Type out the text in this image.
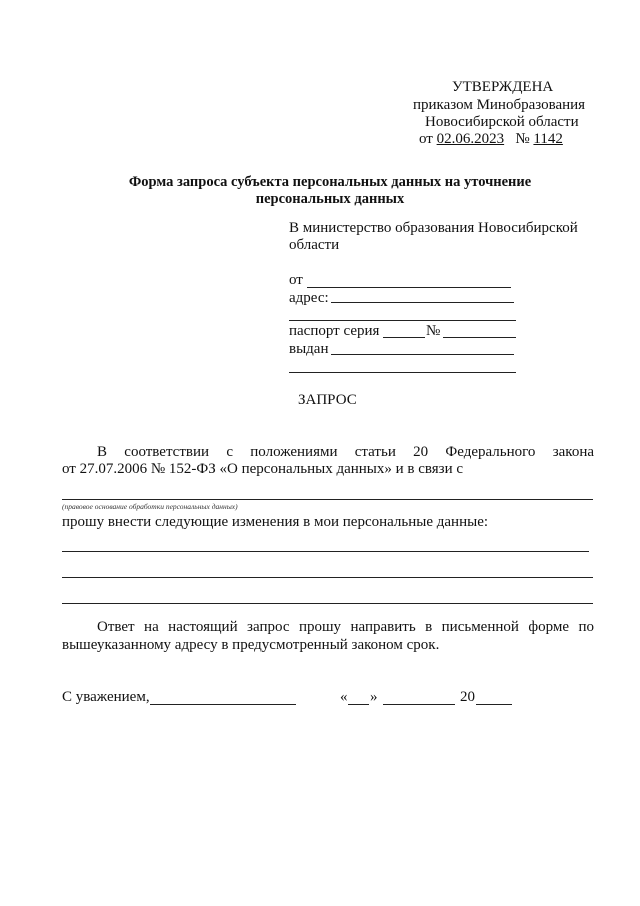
УТВЕРЖДЕНА
приказом Минобразования
Новосибирской области
от 02.06.2023 № 1142
Форма запроса субъекта персональных данных на уточнение
персональных данных
В министерство образования Новосибирской
области
от
адрес:
паспорт серия	№
выдан
ЗАПРОС
В соответствии с положениями статьи 20 Федерального закона
от 27.07.2006 № 152-ФЗ «О персональных данных» и в связи с
(правовое основание обработки персональных данных)
прошу внести следующие изменения в мои персональные данные:
Ответ на настоящий запрос прошу направить в письменной форме по
вышеуказанному адресу в предусмотренный законом срок.
С уважением,	« »	20
